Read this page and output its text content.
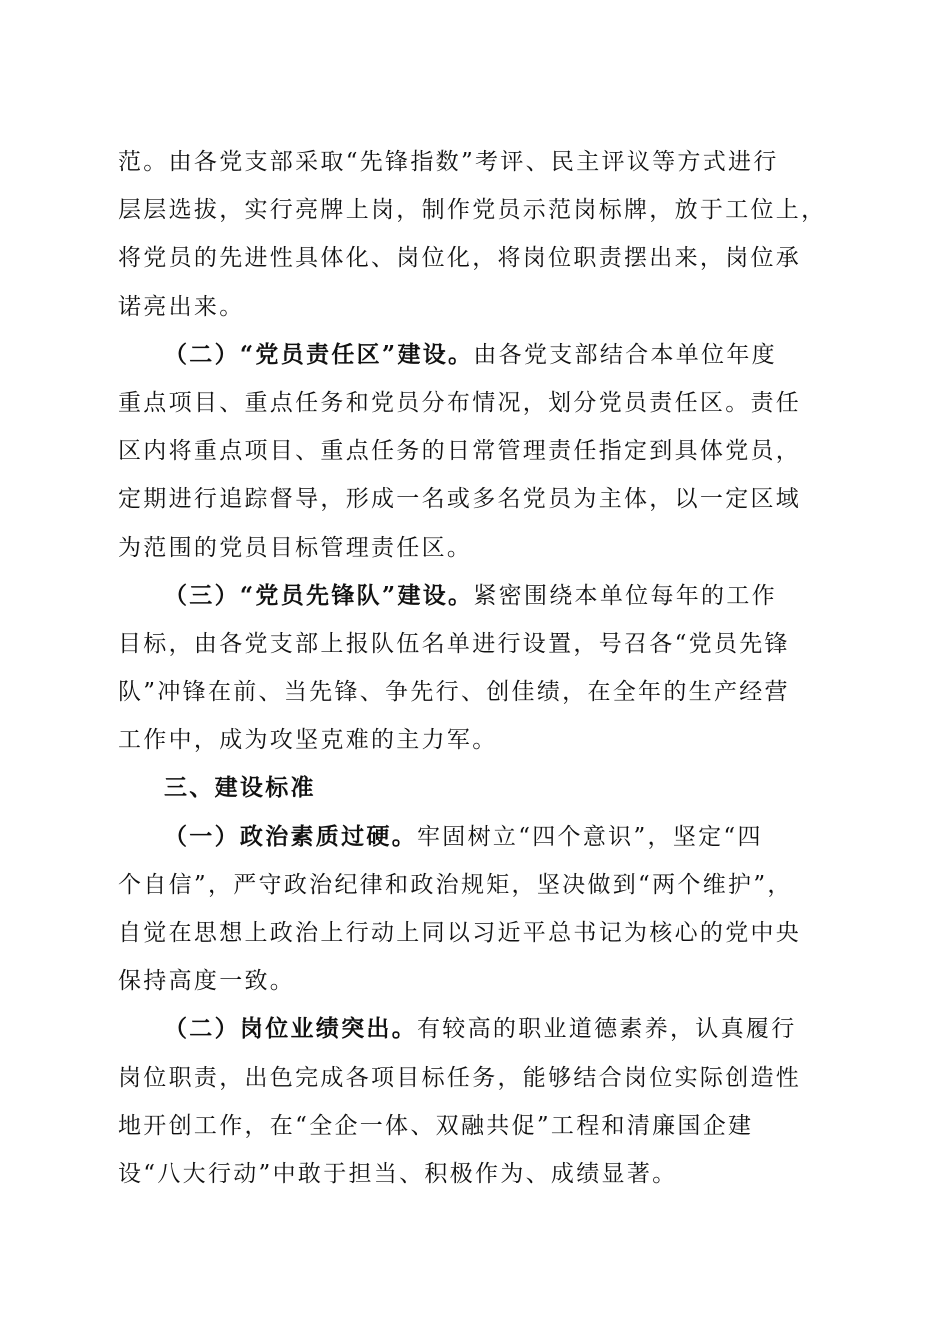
范。由各党支部采取“先锋指数”考评、民主评议等方式进行
层层选拔，实行亮牌上岗，制作党员示范岗标牌，放于工位上，
将党员的先进性具体化、岗位化，将岗位职责摆出来，岗位承
诺亮出来。
（二）“党员责任区”建设。由各党支部结合本单位年度
重点项目、重点任务和党员分布情况，划分党员责任区。责任
区内将重点项目、重点任务的日常管理责任指定到具体党员，
定期进行追踪督导，形成一名或多名党员为主体，以一定区域
为范围的党员目标管理责任区。
（三）“党员先锋队”建设。紧密围绕本单位每年的工作
目标，由各党支部上报队伍名单进行设置，号召各“党员先锋
队”冲锋在前、当先锋、争先行、创佳绩，在全年的生产经营
工作中，成为攻坚克难的主力军。
三、建设标准
（一）政治素质过硬。牢固树立“四个意识”，坚定“四
个自信”，严守政治纪律和政治规矩，坚决做到“两个维护”，
自觉在思想上政治上行动上同以习近平总书记为核心的党中央
保持高度一致。
（二）岗位业绩突出。有较高的职业道德素养，认真履行
岗位职责，出色完成各项目标任务，能够结合岗位实际创造性
地开创工作，在“全企一体、双融共促”工程和清廉国企建
设“八大行动”中敢于担当、积极作为、成绩显著。
